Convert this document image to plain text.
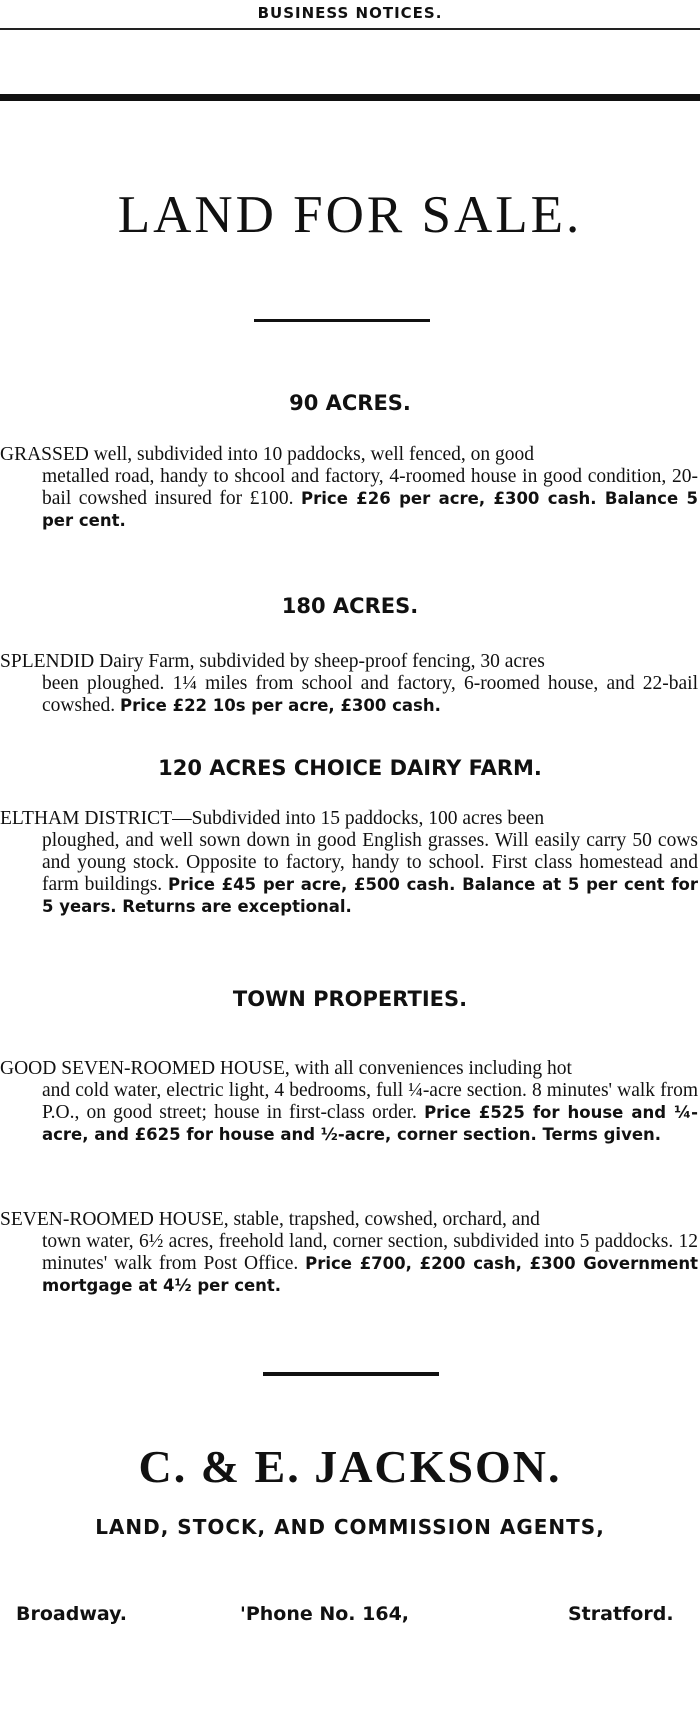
BUSINESS NOTICES.
LAND FOR SALE.
90 ACRES.
GRASSED well, subdivided into 10 paddocks, well fenced, on good
metalled road, handy to shcool and factory, 4-roomed house in good condition, 20-bail cowshed insured for £100. Price £26 per acre, £300 cash. Balance 5 per cent.
180 ACRES.
SPLENDID Dairy Farm, subdivided by sheep-proof fencing, 30 acres
been ploughed. 1¼ miles from school and factory, 6-roomed house, and 22-bail cowshed. Price £22 10s per acre, £300 cash.
120 ACRES CHOICE DAIRY FARM.
ELTHAM DISTRICT—Subdivided into 15 paddocks, 100 acres been
ploughed, and well sown down in good English grasses. Will easily carry 50 cows and young stock. Opposite to factory, handy to school. First class homestead and farm buildings. Price £45 per acre, £500 cash. Balance at 5 per cent for 5 years. Returns are exceptional.
TOWN PROPERTIES.
GOOD SEVEN-ROOMED HOUSE, with all conveniences including hot
and cold water, electric light, 4 bedrooms, full ¼-acre section. 8 minutes' walk from P.O., on good street; house in first-class order. Price £525 for house and ¼-acre, and £625 for house and ½-acre, corner section. Terms given.
SEVEN-ROOMED HOUSE, stable, trapshed, cowshed, orchard, and
town water, 6½ acres, freehold land, corner section, subdivided into 5 paddocks. 12 minutes' walk from Post Office. Price £700, £200 cash, £300 Government mortgage at 4½ per cent.
C. & E. JACKSON.
LAND, STOCK, AND COMMISSION AGENTS,
Broadway.	'Phone No. 164,	Stratford.
